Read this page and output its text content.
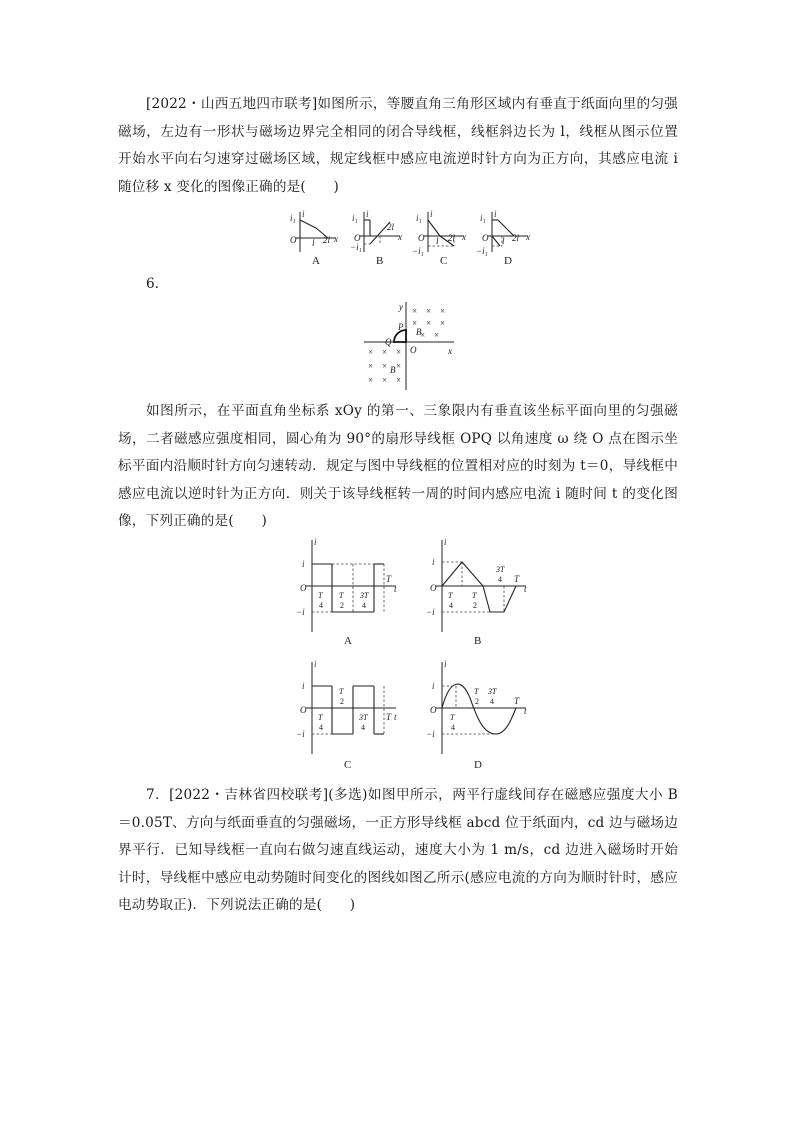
[2022・山西五地四市联考]如图所示，等腰直角三角形区域内有垂直于纸面向里的匀强磁场，左边有一形状与磁场边界完全相同的闭合导线框，线框斜边长为 l，线框从图示位置开始水平向右匀速穿过磁场区域，规定线框中感应电流逆时针方向为正方向，其感应电流 i 随位移 x 变化的图像正确的是(　　)

i₁ i
O l 2l x
A
i₁ i
O
−i₁
2l
x
B
i₁ i
O
−i₁
l 2l x
C
i₁ i
O
−i₁
l 2l x
D
6.
× × ×
× × ×
× ×
× × ×
× × ×
× × ×
y
x
O
P
Q
B
B

如图所示，在平面直角坐标系 xOy 的第一、三象限内有垂直该坐标平面向里的匀强磁场，二者磁感应强度相同，圆心角为 90°的扇形导线框 OPQ 以角速度 ω 绕 O 点在图示坐标平面内沿顺时针方向匀速转动．规定与图中导线框的位置相对应的时刻为 t＝0，导线框中感应电流以逆时针为正方向．则关于该导线框转一周的时间内感应电流 i 随时间 t 的变化图像，下列正确的是(　　)

i
i
O
−i
T
4
T
2
3T
4
T
t
A
i
i
O
−i
T
4
T
2
3T
4 T
t
B
i
i
O
−i
T
4
T
2
3T
4
T t
C
i
i
O
−i
T
4
T
2
3T
4 T
t
D

7．[2022・吉林省四校联考](多选)如图甲所示，两平行虚线间存在磁感应强度大小 B＝0.05T、方向与纸面垂直的匀强磁场，一正方形导线框 abcd 位于纸面内，cd 边与磁场边界平行．已知导线框一直向右做匀速直线运动，速度大小为 1 m/s，cd 边进入磁场时开始计时，导线框中感应电动势随时间变化的图线如图乙所示(感应电流的方向为顺时针时，感应电动势取正)．下列说法正确的是(　　)
